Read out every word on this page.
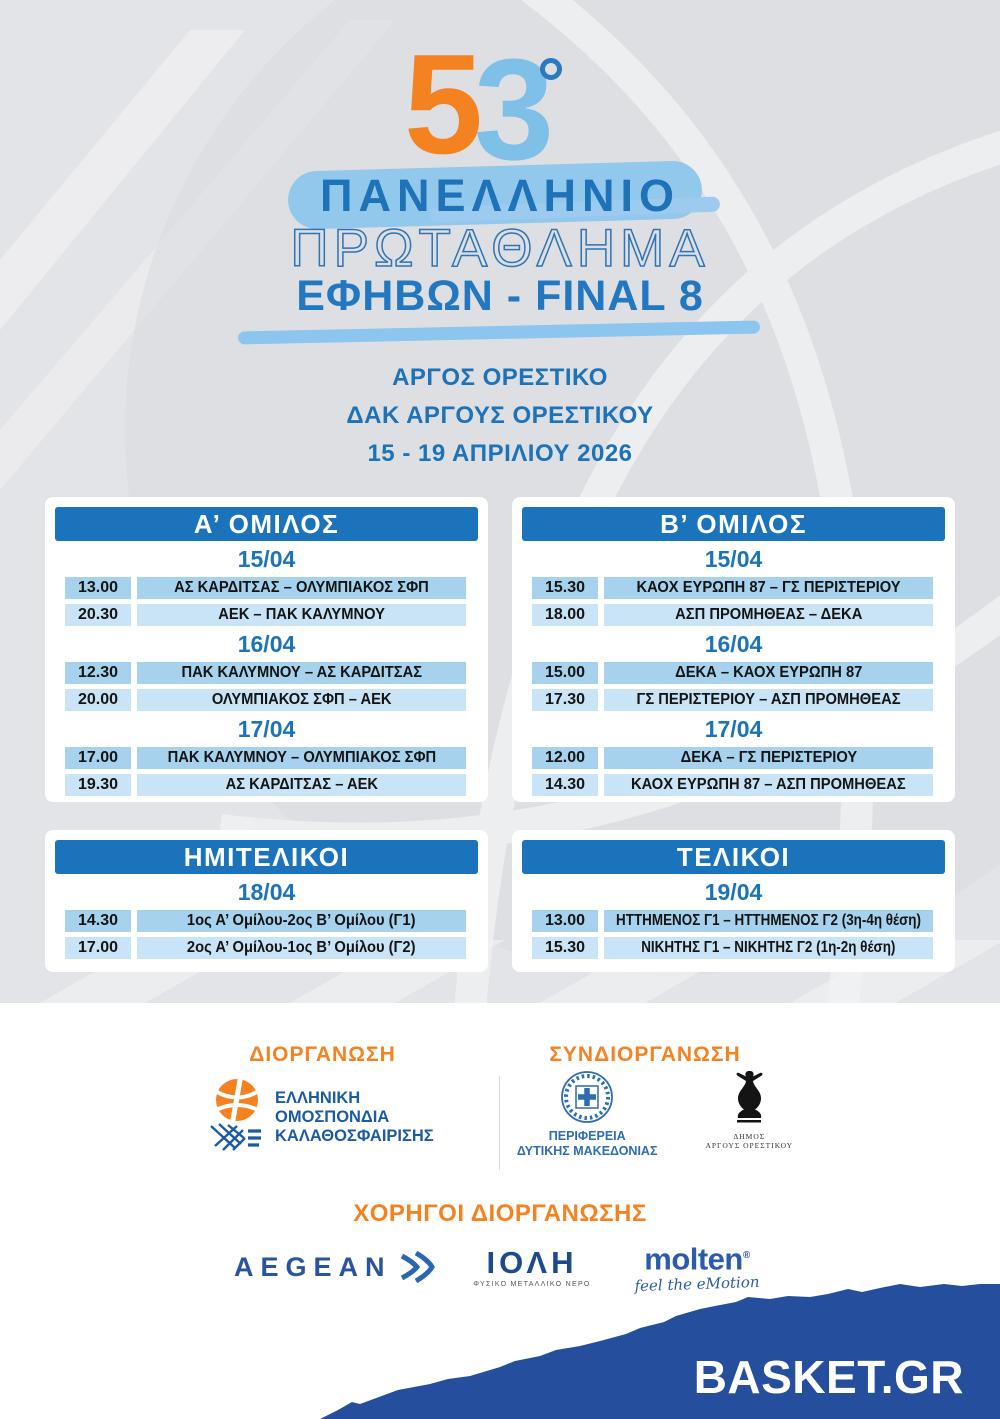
5
3
ΠΑΝΕΛΛΗΝΙΟ
ΠΡΩΤΑΘΛΗΜΑ
ΕΦΗΒΩΝ - FINAL 8
ΑΡΓΟΣ ΟΡΕΣΤΙΚΟ
ΔΑΚ ΑΡΓΟΥΣ ΟΡΕΣΤΙΚΟΥ
15 - 19 ΑΠΡΙΛΙΟΥ 2026
Α’ ΟΜΙΛΟΣ
15/04
13.00	ΑΣ ΚΑΡΔΙΤΣΑΣ – ΟΛΥΜΠΙΑΚΟΣ ΣΦΠ
20.30	ΑΕΚ – ΠΑΚ ΚΑΛΥΜΝΟΥ
16/04
12.30	ΠΑΚ ΚΑΛΥΜΝΟΥ – ΑΣ ΚΑΡΔΙΤΣΑΣ
20.00	ΟΛΥΜΠΙΑΚΟΣ ΣΦΠ – ΑΕΚ
17/04
17.00	ΠΑΚ ΚΑΛΥΜΝΟΥ – ΟΛΥΜΠΙΑΚΟΣ ΣΦΠ
19.30	ΑΣ ΚΑΡΔΙΤΣΑΣ – ΑΕΚ
Β’ ΟΜΙΛΟΣ
15/04
15.30	ΚΑΟΧ ΕΥΡΩΠΗ 87 – ΓΣ ΠΕΡΙΣΤΕΡΙΟΥ
18.00	ΑΣΠ ΠΡΟΜΗΘΕΑΣ – ΔΕΚΑ
16/04
15.00	ΔΕΚΑ – ΚΑΟΧ ΕΥΡΩΠΗ 87
17.30	ΓΣ ΠΕΡΙΣΤΕΡΙΟΥ – ΑΣΠ ΠΡΟΜΗΘΕΑΣ
17/04
12.00	ΔΕΚΑ – ΓΣ ΠΕΡΙΣΤΕΡΙΟΥ
14.30	ΚΑΟΧ ΕΥΡΩΠΗ 87 – ΑΣΠ ΠΡΟΜΗΘΕΑΣ
ΗΜΙΤΕΛΙΚΟΙ
18/04
14.30	1ος Α’ Ομίλου-2ος Β’ Ομίλου (Γ1)
17.00	2ος Α’ Ομίλου-1ος Β’ Ομίλου (Γ2)
ΤΕΛΙΚΟΙ
19/04
13.00	ΗΤΤΗΜΕΝΟΣ Γ1 – ΗΤΤΗΜΕΝΟΣ Γ2 (3η-4η θέση)
15.30	ΝΙΚΗΤΗΣ Γ1 – ΝΙΚΗΤΗΣ Γ2 (1η-2η θέση)
ΔΙΟΡΓΑΝΩΣΗ	ΣΥΝΔΙΟΡΓΑΝΩΣΗ
ΕΛΛΗΝΙΚΗ
ΟΜΟΣΠΟΝΔΙΑ
ΚΑΛΑΘΟΣΦΑΙΡΙΣΗΣ	ΠΕΡΙΦΕΡΕΙΑ
ΔΥΤΙΚΗΣ ΜΑΚΕΔΟΝΙΑΣ
ΔΗΜΟΣ
ΑΡΓΟΥΣ ΟΡΕΣΤΙΚΟΥ
ΧΟΡΗΓΟΙ ΔΙΟΡΓΑΝΩΣΗΣ
AEGEAN	ΙΟΛΗ
ΦΥΣΙΚΟ ΜΕΤΑΛΛΙΚΟ ΝΕΡΟ
molten®
feel the eMotion
BASKET.GR
